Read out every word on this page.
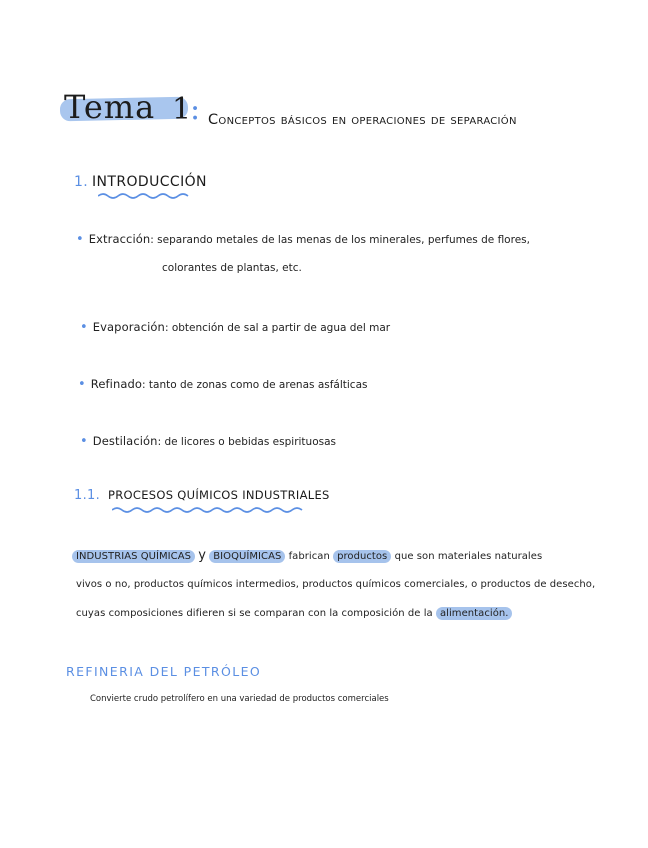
Tema 1
: Conceptos básicos en operaciones de separación
1. INTRODUCCIÓN
• Extracción: separando metales de las menas de los minerales, perfumes de flores,
colorantes de plantas, etc.
• Evaporación: obtención de sal a partir de agua del mar
• Refinado: tanto de zonas como de arenas asfálticas
• Destilación: de licores o bebidas espirituosas
1.1. PROCESOS QUÍMICOS INDUSTRIALES
INDUSTRIAS QUÍMICAS y BIOQUÍMICAS fabrican productos que son materiales naturales
vivos o no, productos químicos intermedios, productos químicos comerciales, o productos de desecho,
cuyas composiciones difieren si se comparan con la composición de la alimentación.
REFINERIA DEL PETRÓLEO
Convierte crudo petrolífero en una variedad de productos comerciales
